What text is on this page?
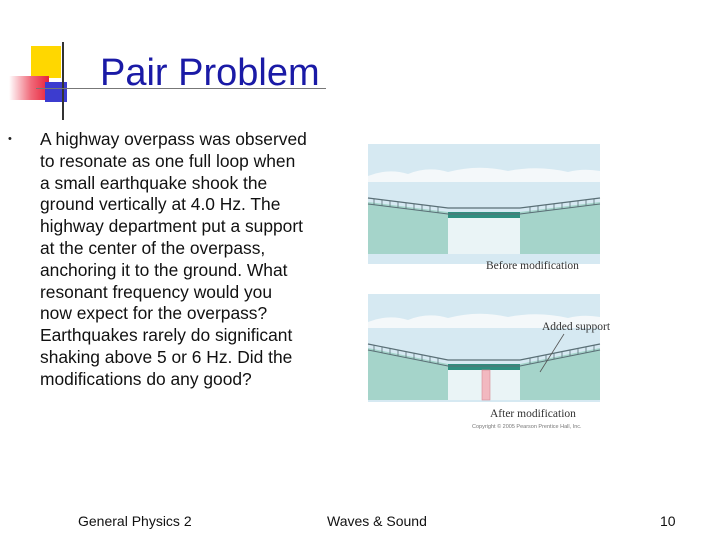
Pair Problem
• A highway overpass was observed
to resonate as one full loop when
a small earthquake shook the
ground vertically at 4.0 Hz. The
highway department put a support
at the center of the overpass,
anchoring it to the ground. What
resonant frequency would you
now expect for the overpass?
Earthquakes rarely do significant
shaking above 5 or 6 Hz. Did the
modifications do any good?
Before modification
Added support
After modification
Copyright © 2005 Pearson Prentice Hall, Inc.
General Physics 2	Waves & Sound	10
